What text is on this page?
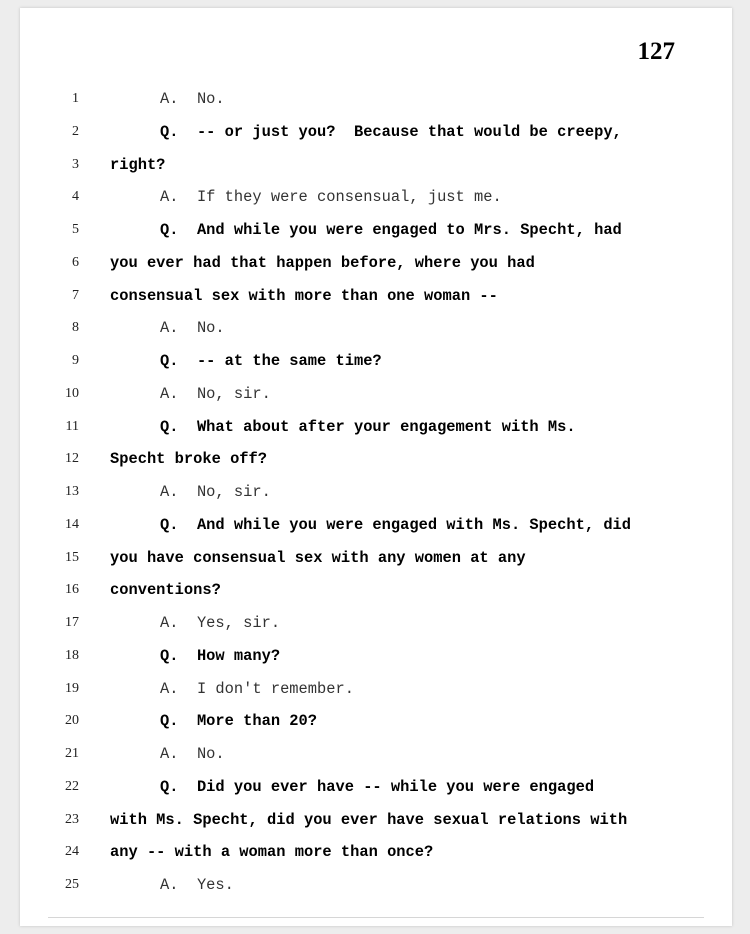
127
1	A.  No.
2	Q.  -- or just you?  Because that would be creepy,
3 right?
4	A.  If they were consensual, just me.
5	Q.  And while you were engaged to Mrs. Specht, had
6 you ever had that happen before, where you had
7 consensual sex with more than one woman --
8	A.  No.
9	Q.  -- at the same time?
10	A.  No, sir.
11	Q.  What about after your engagement with Ms.
12 Specht broke off?
13	A.  No, sir.
14	Q.  And while you were engaged with Ms. Specht, did
15 you have consensual sex with any women at any
16 conventions?
17	A.  Yes, sir.
18	Q.  How many?
19	A.  I don't remember.
20	Q.  More than 20?
21	A.  No.
22	Q.  Did you ever have -- while you were engaged
23 with Ms. Specht, did you ever have sexual relations with
24 any -- with a woman more than once?
25	A.  Yes.
